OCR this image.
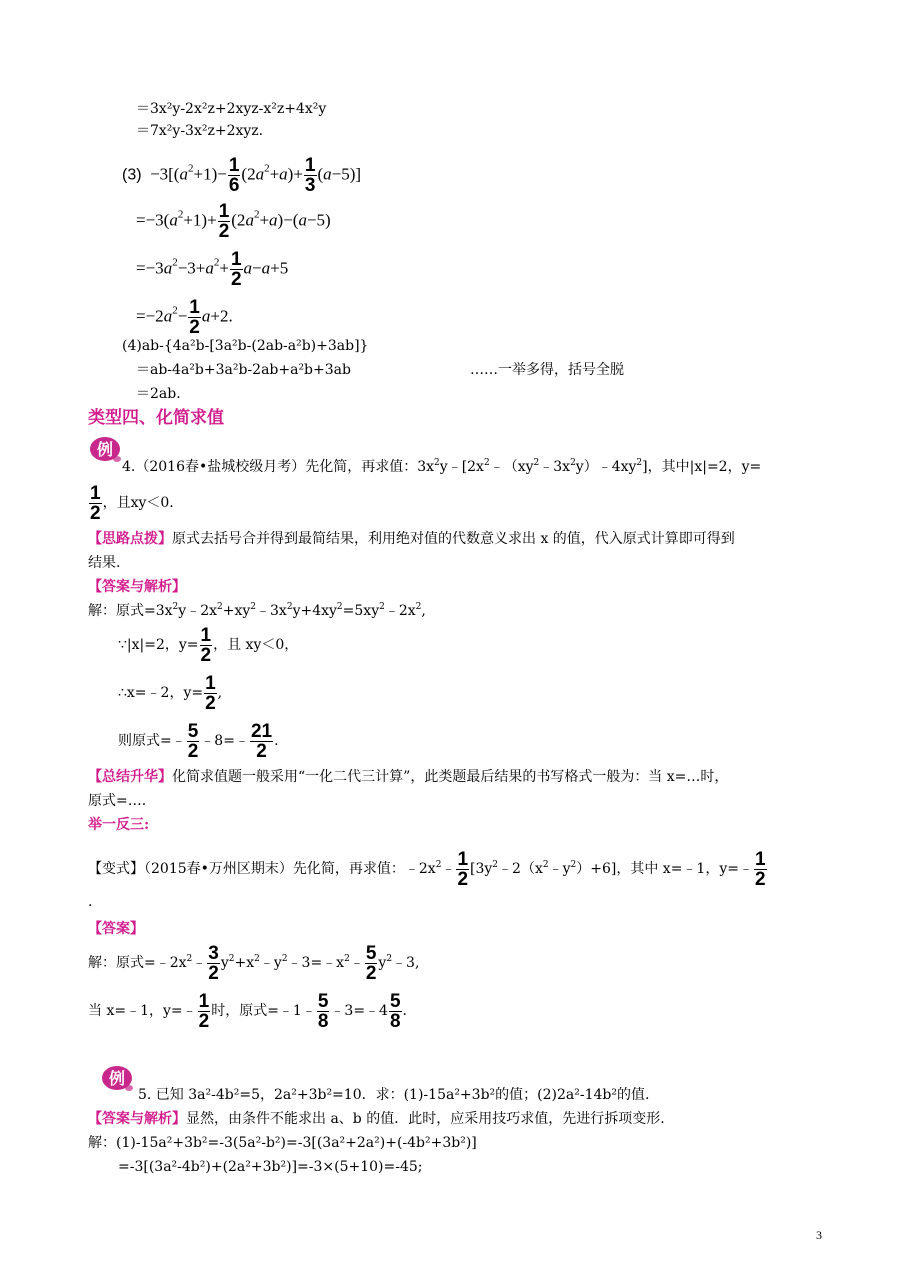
＝3x²y-2x²z+2xyz-x²z+4x²y
＝7x²y-3x²z+2xyz.
$(3) -3[(a^2+1)- \frac{1}{6} (2a^2+a)+ \frac{1}{3} (a-5)]$
$=-3(a^2+1)+ \frac{1}{2} (2a^2+a)-(a-5)$
$=-3a^2-3+a^2+ \frac{1}{2} a-a+5$
$=-2a^2- \frac{1}{2} a+2$.
(4)ab-{4a²b-[3a²b-(2ab-a²b)+3ab]}
＝ab-4a²b+3a²b-2ab+a²b+3ab	……一举多得，括号全脱
＝2ab.
类型四、化简求值
例
4.（2016春•盐城校级月考）先化简，再求值：$3x^2y﹣[2x^2﹣(xy^2﹣3x^2y)﹣4xy^2]$，其中|x|=2，y=
$\frac{1}{2}$ ，且xy＜0.
【思路点拨】原式去括号合并得到最简结果，利用绝对值的代数意义求出 x 的值，代入原式计算即可得到
结果.
【答案与解析】
解：原式$=3x^2y﹣2x^2+xy^2﹣3x^2y+4xy^2=5xy^2﹣2x^2$,
∵|x|=2，$y= \frac{1}{2}$ ，且 xy＜0，
∴x=﹣2，$y= \frac{1}{2}$ ,
则原式=﹣ $\frac{5}{2}$ ﹣8=﹣ $\frac{21}{2}$ .
【总结升华】化简求值题一般采用“一化二代三计算”，此类题最后结果的书写格式一般为：当 x=…时，
原式=….
举一反三:
【变式】（2015春•万州区期末）先化简，再求值：$﹣2x^2﹣ \frac{1}{2}$ $[3y^2﹣2(x^2﹣y^2)+6]$，其中 x=﹣1，y=﹣ $\frac{1}{2}$
.
【答案】
解：原式$=﹣2x^2﹣ \frac{3}{2}$ $y^2+x^2﹣y^2﹣3=﹣x^2﹣ \frac{5}{2}$ $y^2﹣3$,
当 x=﹣1，y=﹣ $\frac{1}{2}$ 时，原式=﹣1﹣ $\frac{5}{8}$ ﹣3=﹣4 $\frac{5}{8}$ .
例
5. 已知 3a²-4b²=5，2a²+3b²=10．求：(1)-15a²+3b²的值；(2)2a²-14b²的值.
【答案与解析】显然，由条件不能求出 a、b 的值．此时，应采用技巧求值，先进行拆项变形.
解：(1)-15a²+3b²=-3(5a²-b²)=-3[(3a²+2a²)+(-4b²+3b²)]
=-3[(3a²-4b²)+(2a²+3b²)]=-3×(5+10)=-45;
3
